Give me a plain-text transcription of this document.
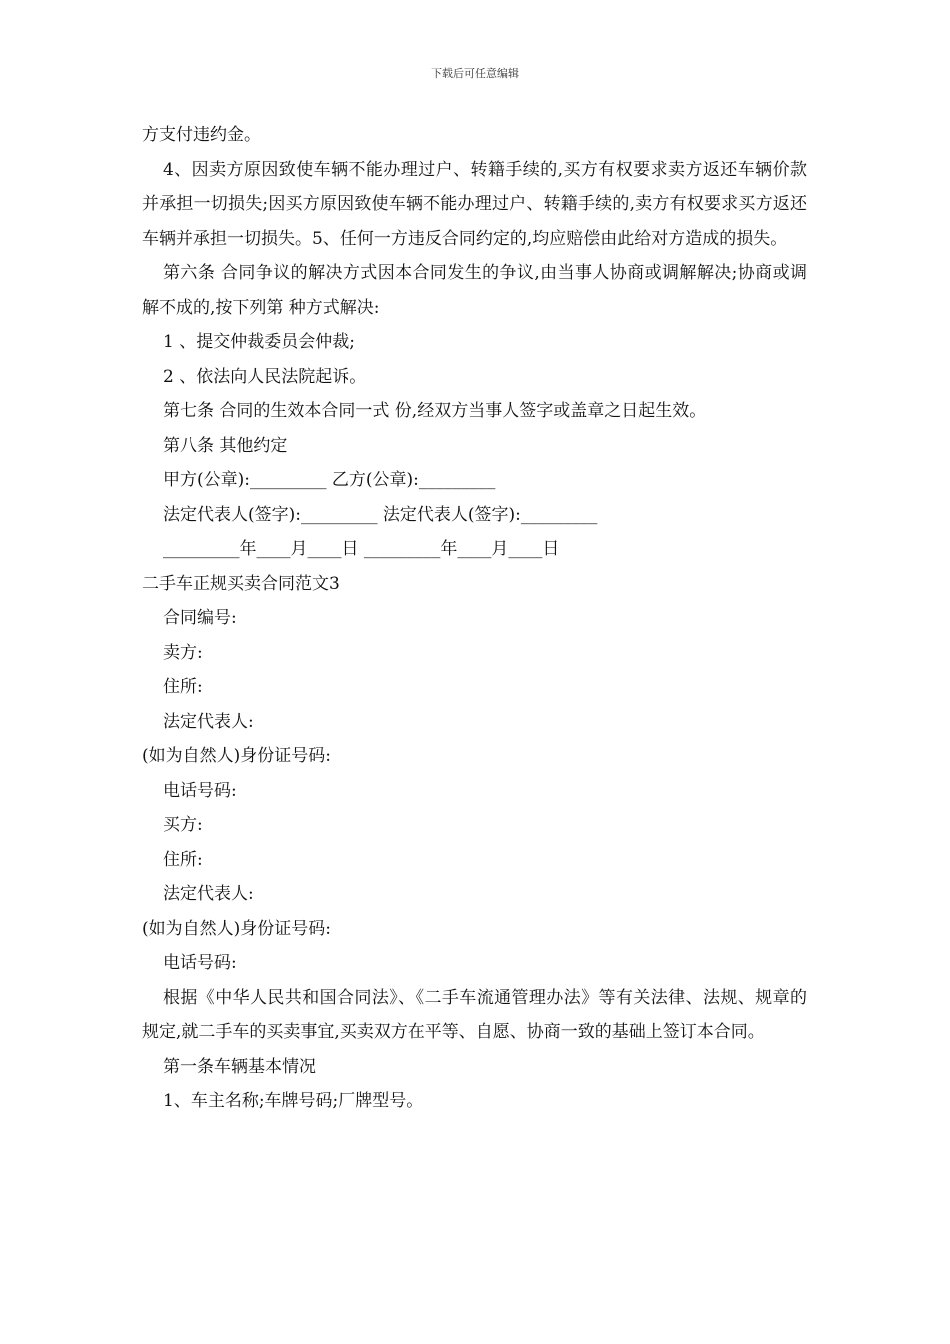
下载后可任意编辑

方支付违约金。

4、因卖方原因致使车辆不能办理过户、转籍手续的,买方有权要求卖方返还车辆价款并承担一切损失;因买方原因致使车辆不能办理过户、转籍手续的,卖方有权要求买方返还车辆并承担一切损失。5、任何一方违反合同约定的,均应赔偿由此给对方造成的损失。

第六条 合同争议的解决方式因本合同发生的争议,由当事人协商或调解解决;协商或调解不成的,按下列第 种方式解决:

1 、提交仲裁委员会仲裁;

2 、依法向人民法院起诉。

第七条 合同的生效本合同一式 份,经双方当事人签字或盖章之日起生效。

第八条 其他约定

甲方(公章):_________ 乙方(公章):_________

法定代表人(签字):_________ 法定代表人(签字):_________

_________年____月____日 _________年____月____日

二手车正规买卖合同范文3

合同编号:

卖方:

住所:

法定代表人:

(如为自然人)身份证号码:

电话号码:

买方:

住所:

法定代表人:

(如为自然人)身份证号码:

电话号码:

根据《中华人民共和国合同法》、《二手车流通管理办法》等有关法律、法规、规章的规定,就二手车的买卖事宜,买卖双方在平等、自愿、协商一致的基础上签订本合同。

第一条车辆基本情况

1、车主名称;车牌号码;厂牌型号。
